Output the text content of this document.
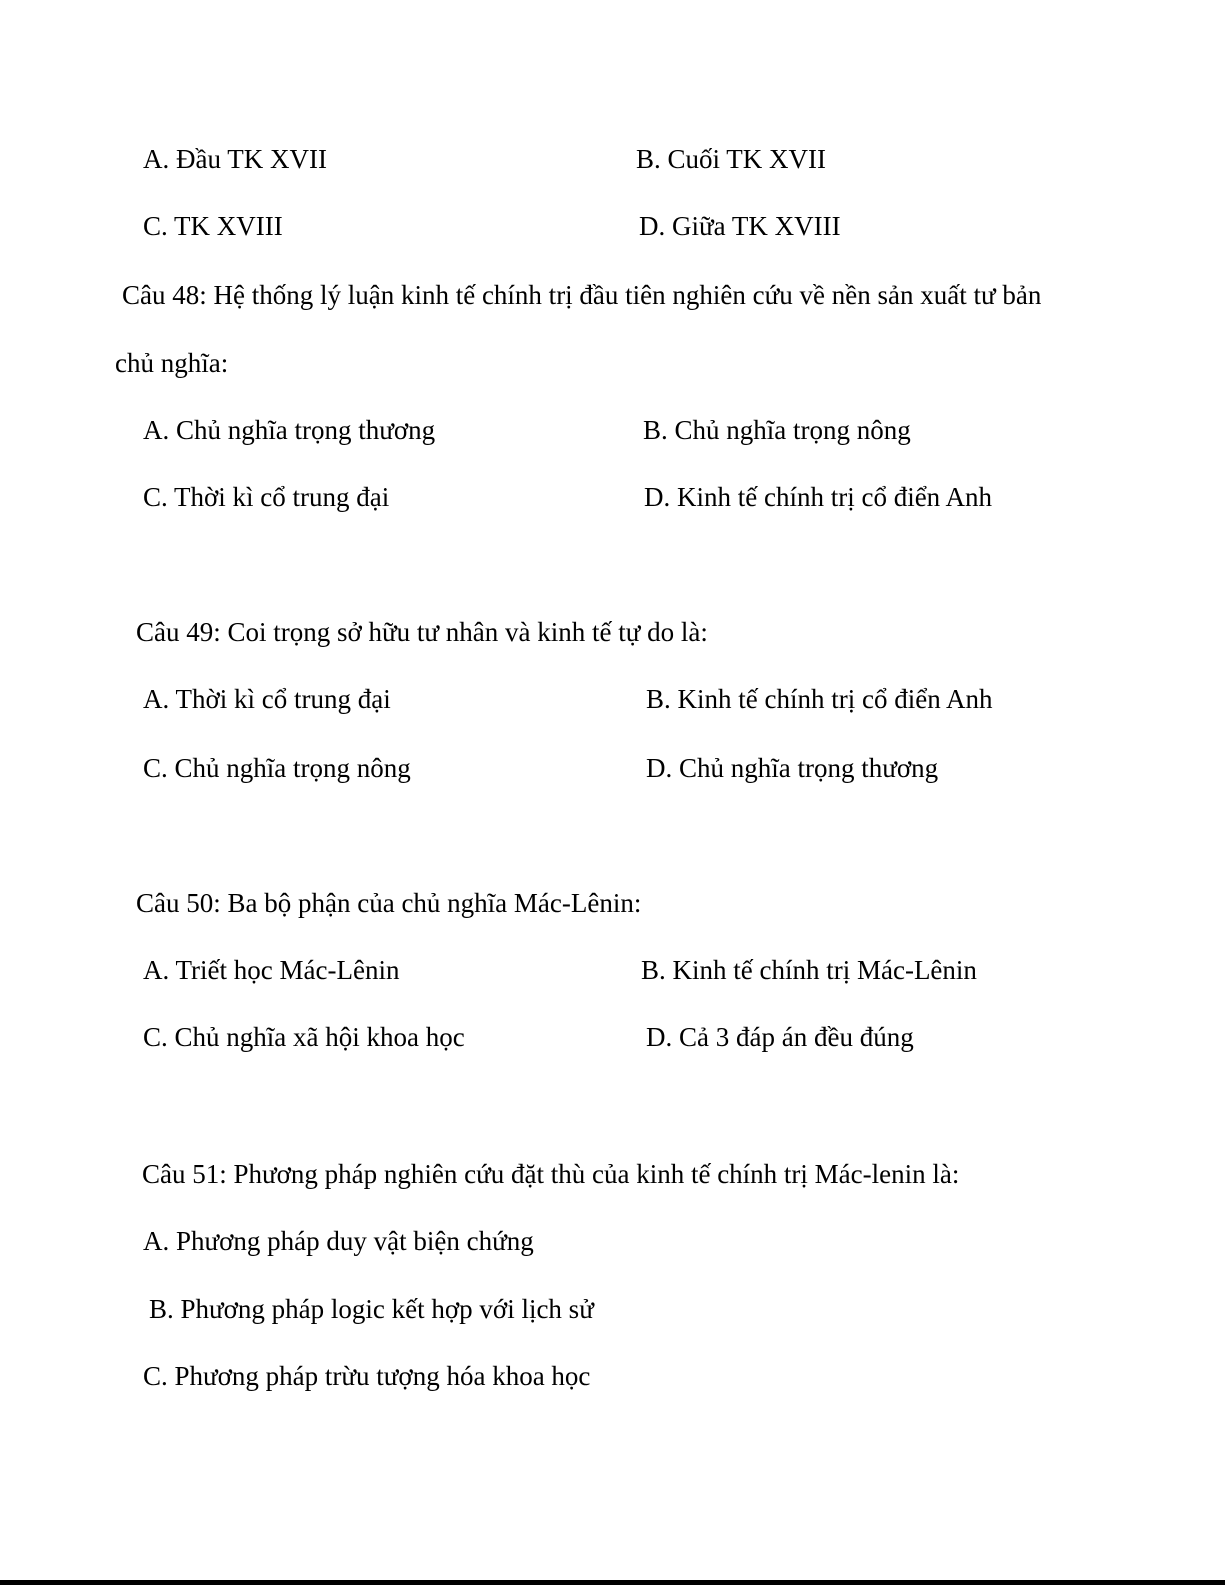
A. Đầu TK XVII	B. Cuối TK XVII
C. TK XVIII	D. Giữa TK XVIII
Câu 48: Hệ thống lý luận kinh tế chính trị đầu tiên nghiên cứu về nền sản xuất tư bản
chủ nghĩa:
A. Chủ nghĩa trọng thương	B. Chủ nghĩa trọng nông
C. Thời kì cổ trung đại	D. Kinh tế chính trị cổ điển Anh
Câu 49: Coi trọng sở hữu tư nhân và kinh tế tự do là:
A. Thời kì cổ trung đại	B. Kinh tế chính trị cổ điển Anh
C. Chủ nghĩa trọng nông	D. Chủ nghĩa trọng thương
Câu 50: Ba bộ phận của chủ nghĩa Mác-Lênin:
A. Triết học Mác-Lênin	B. Kinh tế chính trị Mác-Lênin
C. Chủ nghĩa xã hội khoa học	D. Cả 3 đáp án đều đúng
Câu 51: Phương pháp nghiên cứu đặt thù của kinh tế chính trị Mác-lenin là:
A. Phương pháp duy vật biện chứng
B. Phương pháp logic kết hợp với lịch sử
C. Phương pháp trừu tượng hóa khoa học
